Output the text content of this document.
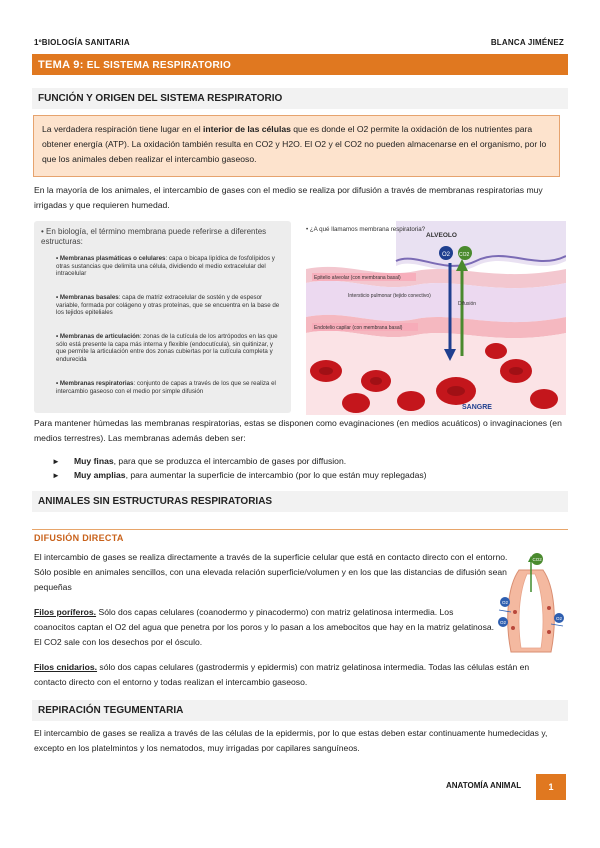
1ºBIOLOGÍA SANITARIA	BLANCA JIMÉNEZ
TEMA 9: EL SISTEMA RESPIRATORIO
FUNCIÓN Y ORIGEN DEL SISTEMA RESPIRATORIO
La verdadera respiración tiene lugar en el interior de las células que es donde el O2 permite la oxidación de los nutrientes para obtener energía (ATP). La oxidación también resulta en CO2 y H2O. El O2 y el CO2 no pueden almacenarse en el organismo, por lo que los animales deben realizar el intercambio gaseoso.
En la mayoría de los animales, el intercambio de gases con el medio se realiza por difusión a través de membranas respiratorias muy irrigadas y que requieren humedad.
• En biología, el término membrana puede referirse a diferentes estructuras:
• Membranas plasmáticas o celulares: capa o bicapa lipídica de fosfolípidos y otras sustancias que delimita una célula, dividiendo el medio extracelular del intracelular
• Membranas basales: capa de matriz extracelular de sostén y de espesor variable, formada por colágeno y otras proteínas, que se encuentra en la base de los tejidos epiteliales
• Membranas de articulación: zonas de la cutícula de los artrópodos en las que sólo está presente la capa más interna y flexible (endocutícula), sin quitinizar, y que permite la articulación entre dos zonas cubiertas por la cutícula completa y endurecida
• Membranas respiratorias: conjunto de capas a través de los que se realiza el intercambio gaseoso con el medio por simple difusión
O2 CO2
• ¿A qué llamamos membrana respiratoria?
ALVEOLO
Epitelio alveolar (con membrana basal)
Intersticio pulmonar (tejido conectivo)
Difusión
Endotelio capilar (con membrana basal)
SANGRE
Para mantener húmedas las membranas respiratorias, estas se disponen como evaginaciones (en medios acuáticos) o invaginaciones (en medios terrestres). Las membranas además deben ser:
► Muy finas, para que se produzca el intercambio de gases por diffusion.
► Muy amplias, para aumentar la superficie de intercambio (por lo que están muy replegadas)
ANIMALES SIN ESTRUCTURAS RESPIRATORIAS
DIFUSIÓN DIRECTA
El intercambio de gases se realiza directamente a través de la superficie celular que está en contacto directo con el entorno. Sólo posible en animales sencillos, con una elevada relación superficie/volumen y en los que las distancias de difusión sean pequeñas
Filos poríferos. Sólo dos capas celulares (coanodermo y pinacodermo) con matriz gelatinosa intermedia. Los coanocitos captan el O2 del agua que penetra por los poros y lo pasan a los amebocitos que hay en la matriz gelatinosa. El CO2 sale con los desechos por el ósculo.
Filos cnidarios. sólo dos capas celulares (gastrodermis y epidermis) con matriz gelatinosa intermedia. Todas las células están en contacto directo con el entorno y todas realizan el intercambio gaseoso.
CO2
O2
O2
O2
REPIRACIÓN TEGUMENTARIA
El intercambio de gases se realiza a través de las células de la epidermis, por lo que estas deben estar continuamente humedecidas y, excepto en los platelmintos y los nematodos, muy irrigadas por capilares sanguíneos.
ANATOMÍA ANIMAL	1
